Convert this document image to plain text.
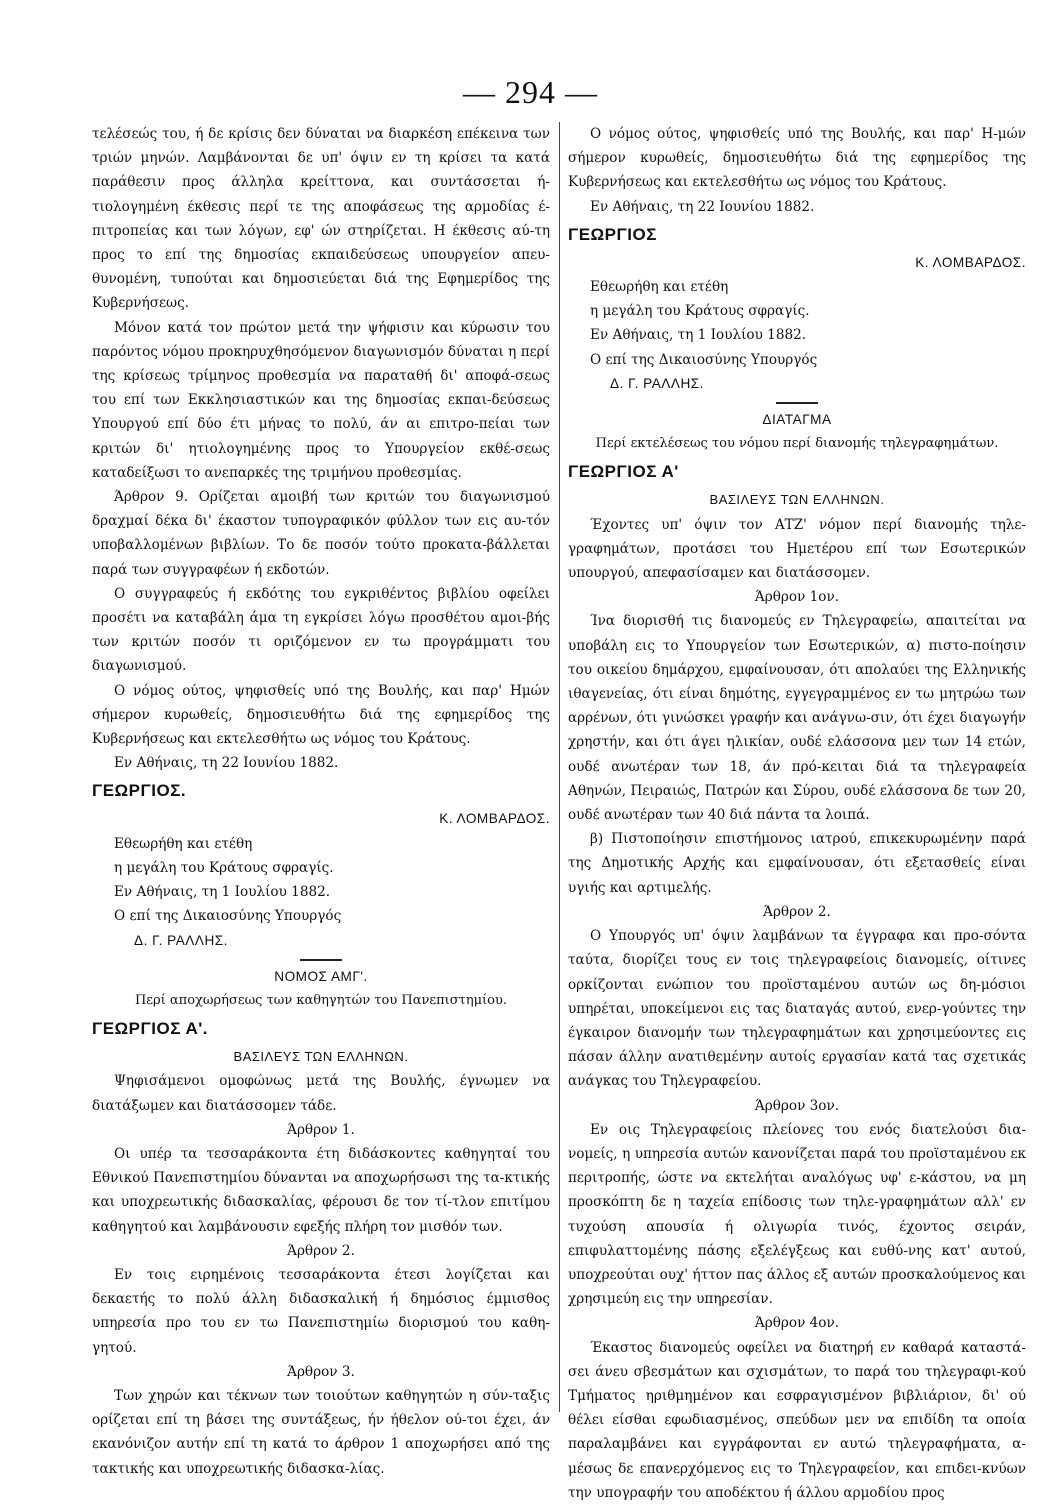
— 294 —

τελέσεώς του, ή δε κρίσις δεν δύναται να διαρκέση επέκεινα των τριών μηνών. Λαμβάνονται δε υπ' όψιν εν τη κρίσει τα κατά παράθεσιν προς άλληλα κρείττονα, και συντάσσεται ή-τιολογημένη έκθεσις περί τε της αποφάσεως της αρμοδίας έ-πιτροπείας και των λόγων, εφ' ών στηρίζεται. Η έκθεσις αύ-τη προς το επί της δημοσίας εκπαιδεύσεως υπουργείον απευ-θυνομένη, τυπούται και δημοσιεύεται διά της Εφημερίδος της Κυβερνήσεως.

Μόνον κατά τον πρώτον μετά την ψήφισιν και κύρωσιν του παρόντος νόμου προκηρυχθησόμενον διαγωνισμόν δύναται η περί της κρίσεως τρίμηνος προθεσμία να παραταθή δι' αποφά-σεως του επί των Εκκλησιαστικών και της δημοσίας εκπαι-δεύσεως Υπουργού επί δύο έτι μήνας το πολύ, άν αι επιτρο-πείαι των κριτών δι' ητιολογημένης προς το Υπουργείον εκθέ-σεως καταδείξωσι το ανεπαρκές της τριμήνου προθεσμίας.

Άρθρον 9. Ορίζεται αμοιβή των κριτών του διαγωνισμού δραχμαί δέκα δι' έκαστον τυπογραφικόν φύλλον των εις αυ-τόν υποβαλλομένων βιβλίων. Το δε ποσόν τούτο προκατα-βάλλεται παρά των συγγραφέων ή εκδοτών.

Ο συγγραφεύς ή εκδότης του εγκριθέντος βιβλίου οφείλει προσέτι να καταβάλη άμα τη εγκρίσει λόγω προσθέτου αμοι-βής των κριτών ποσόν τι οριζόμενον εν τω προγράμματι του διαγωνισμού.

Ο νόμος ούτος, ψηφισθείς υπό της Βουλής, και παρ' Ημών σήμερον κυρωθείς, δημοσιευθήτω διά της εφημερίδος της Κυβερνήσεως και εκτελεσθήτω ως νόμος του Κράτους.

Εν Αθήναις, τη 22 Ιουνίου 1882.

ΓΕΩΡΓΙΟΣ.

Κ. ΛΟΜΒΑΡΔΟΣ.

Εθεωρήθη και ετέθη

η μεγάλη του Κράτους σφραγίς.

Εν Αθήναις, τη 1 Ιουλίου 1882.

Ο επί της Δικαιοσύνης Υπουργός

Δ. Γ. ΡΑΛΛΗΣ.

ΝΟΜΟΣ ΑΜΓ'.

Περί αποχωρήσεως των καθηγητών του Πανεπιστημίου.

ΓΕΩΡΓΙΟΣ Α'.

ΒΑΣΙΛΕΥΣ ΤΩΝ ΕΛΛΗΝΩΝ.

Ψηφισάμενοι ομοφώνως μετά της Βουλής, έγνωμεν να διατάξωμεν και διατάσσομεν τάδε.

Άρθρον 1.

Οι υπέρ τα τεσσαράκοντα έτη διδάσκοντες καθηγηταί του Εθνικού Πανεπιστημίου δύνανται να αποχωρήσωσι της τα-κτικής και υποχρεωτικής διδασκαλίας, φέρουσι δε τον τί-τλον επιτίμου καθηγητού και λαμβάνουσιν εφεξής πλήρη τον μισθόν των.

Άρθρον 2.

Εν τοις ειρημένοις τεσσαράκοντα έτεσι λογίζεται και δεκαετής το πολύ άλλη διδασκαλική ή δημόσιος έμμισθος υπηρεσία προ του εν τω Πανεπιστημίω διορισμού του καθη-γητού.

Άρθρον 3.

Των χηρών και τέκνων των τοιούτων καθηγητών η σύν-ταξις ορίζεται επί τη βάσει της συντάξεως, ήν ήθελον ού-τοι έχει, άν εκανόνιζον αυτήν επί τη κατά το άρθρον 1 αποχωρήσει από της τακτικής και υποχρεωτικής διδασκα-λίας.

Ο νόμος ούτος, ψηφισθείς υπό της Βουλής, και παρ' Η-μών σήμερον κυρωθείς, δημοσιευθήτω διά της εφημερίδος της Κυβερνήσεως και εκτελεσθήτω ως νόμος του Κράτους.

Εν Αθήναις, τη 22 Ιουνίου 1882.

ΓΕΩΡΓΙΟΣ

Κ. ΛΟΜΒΑΡΔΟΣ.

Εθεωρήθη και ετέθη

η μεγάλη του Κράτους σφραγίς.

Εν Αθήναις, τη 1 Ιουλίου 1882.

Ο επί της Δικαιοσύνης Υπουργός

Δ. Γ. ΡΑΛΛΗΣ.

ΔΙΑΤΑΓΜΑ

Περί εκτελέσεως του νόμου περί διανομής τηλεγραφημάτων.

ΓΕΩΡΓΙΟΣ Α'

ΒΑΣΙΛΕΥΣ ΤΩΝ ΕΛΛΗΝΩΝ.

Έχοντες υπ' όψιν τον ΑΤΖ' νόμον περί διανομής τηλε-γραφημάτων, προτάσει του Ημετέρου επί των Εσωτερικών υπουργού, απεφασίσαμεν και διατάσσομεν.

Άρθρον 1ον.

Ίνα διορισθή τις διανομεύς εν Τηλεγραφείω, απαιτείται να υποβάλη εις το Υπουργείον των Εσωτερικών, α) πιστο-ποίησιν του οικείου δημάρχου, εμφαίνουσαν, ότι απολαύει της Ελληνικής ιθαγενείας, ότι είναι δημότης, εγγεγραμμένος εν τω μητρώω των αρρένων, ότι γινώσκει γραφήν και ανάγνω-σιν, ότι έχει διαγωγήν χρηστήν, και ότι άγει ηλικίαν, ουδέ ελάσσονα μεν των 14 ετών, ουδέ ανωτέραν των 18, άν πρό-κειται διά τα τηλεγραφεία Αθηνών, Πειραιώς, Πατρών και Σύρου, ουδέ ελάσσονα δε των 20, ουδέ ανωτέραν των 40 διά πάντα τα λοιπά.

β) Πιστοποίησιν επιστήμονος ιατρού, επικεκυρωμένην παρά της Δημοτικής Αρχής και εμφαίνουσαν, ότι εξετασθείς είναι υγιής και αρτιμελής.

Άρθρον 2.

Ο Υπουργός υπ' όψιν λαμβάνων τα έγγραφα και προ-σόντα ταύτα, διορίζει τους εν τοις τηλεγραφείοις διανομείς, οίτινες ορκίζονται ενώπιον του προϊσταμένου αυτών ως δη-μόσιοι υπηρέται, υποκείμενοι εις τας διαταγάς αυτού, ενερ-γούντες την έγκαιρον διανομήν των τηλεγραφημάτων και χρησιμεύοντες εις πάσαν άλλην ανατιθεμένην αυτοίς εργασίαν κατά τας σχετικάς ανάγκας του Τηλεγραφείου.

Άρθρον 3ον.

Εν οις Τηλεγραφείοις πλείονες του ενός διατελούσι δια-νομείς, η υπηρεσία αυτών κανονίζεται παρά του προϊσταμένου εκ περιτροπής, ώστε να εκτελήται αναλόγως υφ' ε-κάστου, να μη προσκόπτη δε η ταχεία επίδοσις των τηλε-γραφημάτων αλλ' εν τυχούση απουσία ή ολιγωρία τινός, έχοντος σειράν, επιφυλαττομένης πάσης εξελέγξεως και ευθύ-νης κατ' αυτού, υποχρεούται ουχ' ήττον πας άλλος εξ αυτών προσκαλούμενος και χρησιμεύη εις την υπηρεσίαν.

Άρθρον 4ον.

Έκαστος διανομεύς οφείλει να διατηρή εν καθαρά καταστά-σει άνευ σβεσμάτων και σχισμάτων, το παρά του τηλεγραφι-κού Τμήματος ηριθμημένον και εσφραγισμένον βιβλιάριον, δι' ού θέλει είσθαι εφωδιασμένος, σπεύδων μεν να επιδίδη τα οποία παραλαμβάνει και εγγράφονται εν αυτώ τηλεγραφήματα, α-μέσως δε επανερχόμενος εις το Τηλεγραφείον, και επιδει-κνύων την υπογραφήν του αποδέκτου ή άλλου αρμοδίου προς
